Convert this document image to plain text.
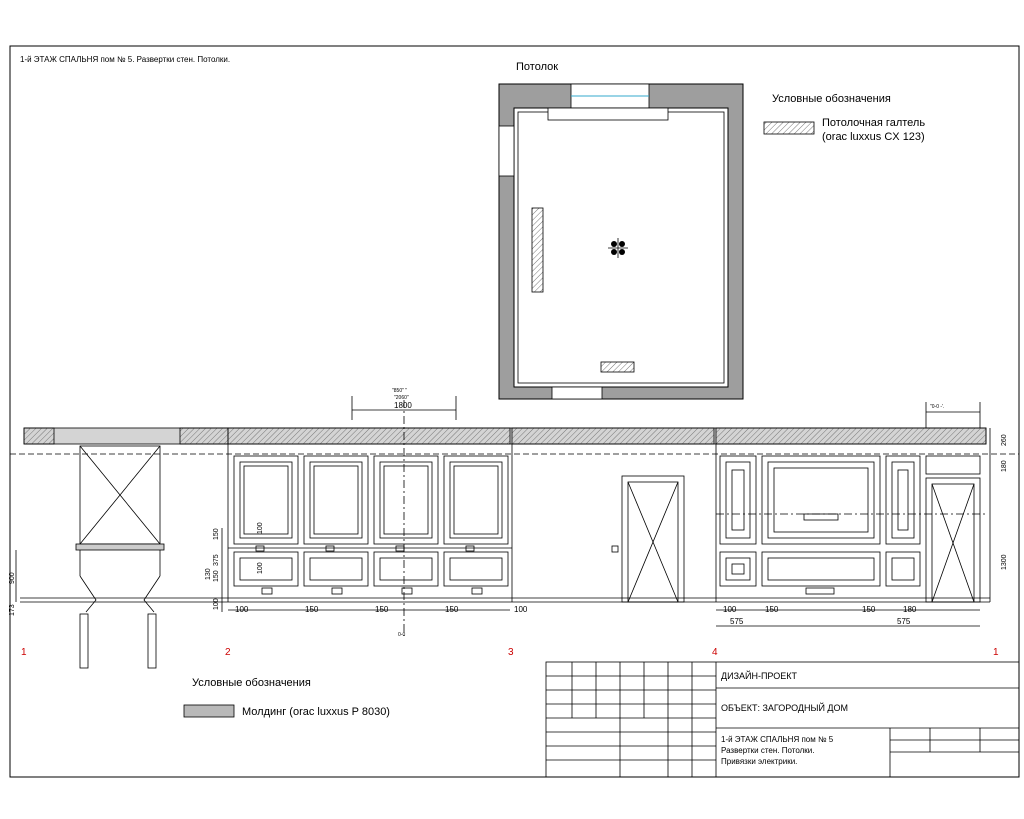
1-й ЭТАЖ СПАЛЬНЯ пом № 5. Развертки стен. Потолки.
Потолок
Условные обозначения
Потолочная галтель
(orac luxxus CX 123)
"850" "
"2060"
1800	"0-0 -'.
0-0
150
375
130 150
100
100
100
900
173	100	150	150	150	100	100	150	150	180
575	575
260
180
1300
1	2	3	4	1
Условные обозначения
Молдинг (orac luxxus P 8030)
ДИЗАЙН-ПРОЕКТ
ОБЪЕКТ: ЗАГОРОДНЫЙ ДОМ
1-й ЭТАЖ СПАЛЬНЯ пом № 5
Развертки стен. Потолки.
Привязки электрики.
